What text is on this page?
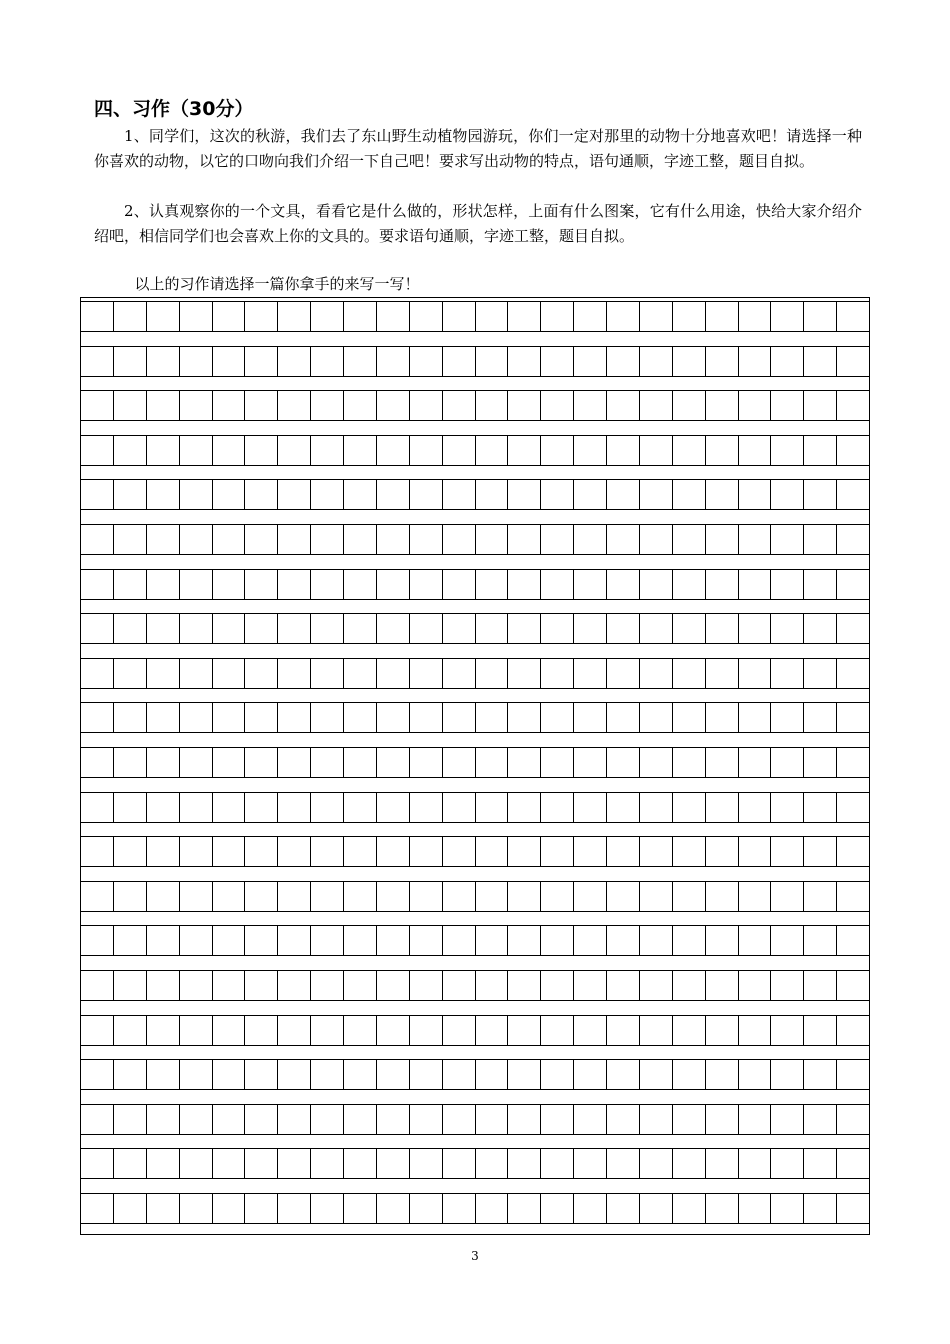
四、习作（30分）

1、同学们，这次的秋游，我们去了东山野生动植物园游玩，你们一定对那里的动物十分地喜欢吧！请选择一种你喜欢的动物，以它的口吻向我们介绍一下自己吧！要求写出动物的特点，语句通顺，字迹工整，题目自拟。

2、认真观察你的一个文具，看看它是什么做的，形状怎样，上面有什么图案，它有什么用途，快给大家介绍介绍吧，相信同学们也会喜欢上你的文具的。要求语句通顺，字迹工整，题目自拟。

以上的习作请选择一篇你拿手的来写一写！

3
